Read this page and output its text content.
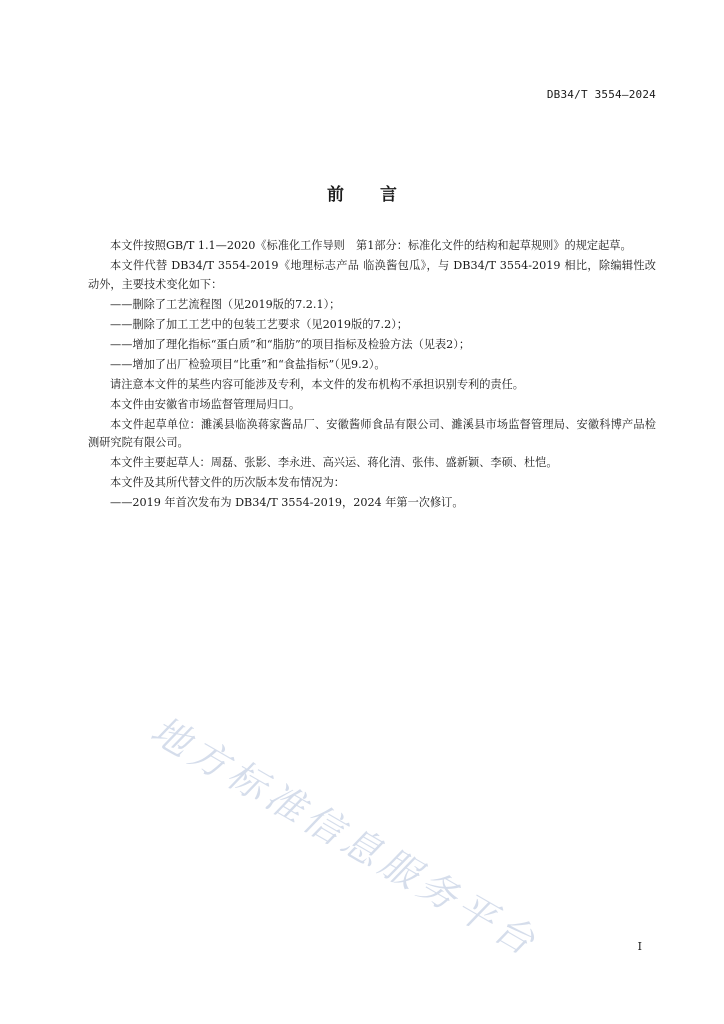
DB34/T 3554—2024
前言

本文件按照GB/T 1.1—2020《标准化工作导则　第1部分：标准化文件的结构和起草规则》的规定起草。

本文件代替 DB34/T 3554-2019《地理标志产品 临涣酱包瓜》，与 DB34/T 3554-2019 相比，除编辑性改动外，主要技术变化如下：

——删除了工艺流程图（见2019版的7.2.1）；

——删除了加工工艺中的包装工艺要求（见2019版的7.2）；

——增加了理化指标“蛋白质”和“脂肪”的项目指标及检验方法（见表2）；

——增加了出厂检验项目“比重”和“食盐指标”（见9.2）。

请注意本文件的某些内容可能涉及专利，本文件的发布机构不承担识别专利的责任。

本文件由安徽省市场监督管理局归口。

本文件起草单位：濉溪县临涣蒋家酱品厂、安徽酱师食品有限公司、濉溪县市场监督管理局、安徽科博产品检测研究院有限公司。

本文件主要起草人：周磊、张影、李永进、高兴运、蒋化清、张伟、盛新颖、李硕、杜恺。

本文件及其所代替文件的历次版本发布情况为：

——2019 年首次发布为 DB34/T 3554-2019，2024 年第一次修订。

地方标准信息服务平台	I
